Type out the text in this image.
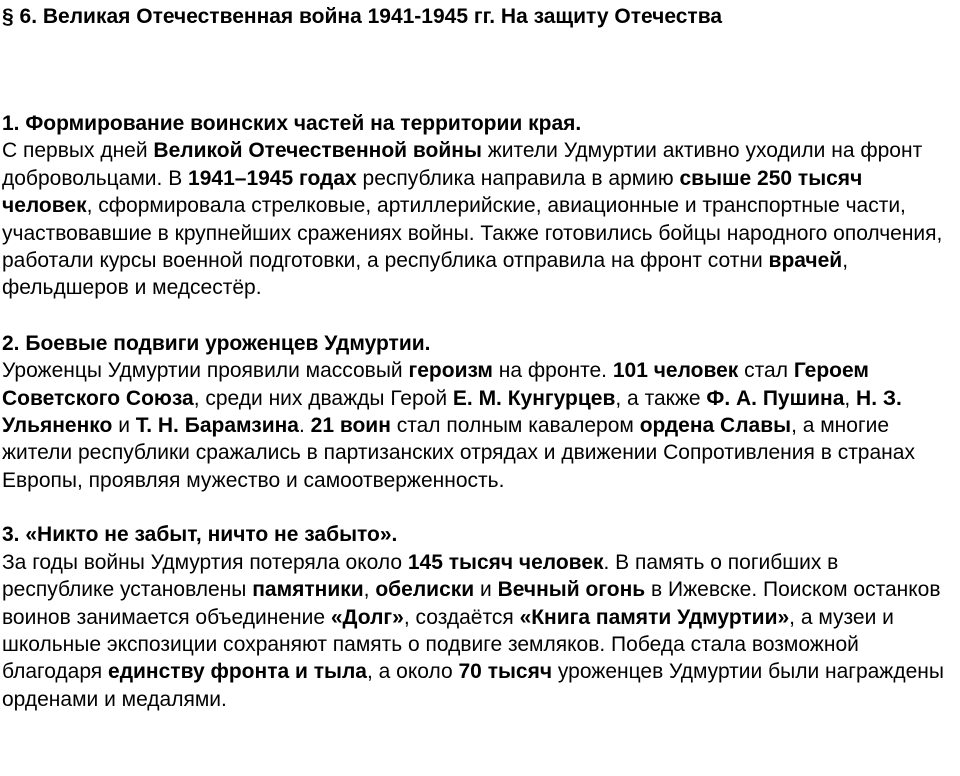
§ 6. Великая Отечественная война 1941-1945 гг. На защиту Отечества
1. Формирование воинских частей на территории края.

С первых дней Великой Отечественной войны жители Удмуртии активно уходили на фронт добровольцами. В 1941–1945 годах республика направила в армию свыше 250 тысяч человек, сформировала стрелковые, артиллерийские, авиационные и транспортные части, участвовавшие в крупнейших сражениях войны. Также готовились бойцы народного ополчения, работали курсы военной подготовки, а республика отправила на фронт сотни врачей, фельдшеров и медсестёр.

2. Боевые подвиги уроженцев Удмуртии.

Уроженцы Удмуртии проявили массовый героизм на фронте. 101 человек стал Героем Советского Союза, среди них дважды Герой Е. М. Кунгурцев, а также Ф. А. Пушина, Н. З. Ульяненко и Т. Н. Барамзина. 21 воин стал полным кавалером ордена Славы, а многие жители республики сражались в партизанских отрядах и движении Сопротивления в странах Европы, проявляя мужество и самоотверженность.

3. «Никто не забыт, ничто не забыто».

За годы войны Удмуртия потеряла около 145 тысяч человек. В память о погибших в республике установлены памятники, обелиски и Вечный огонь в Ижевске. Поиском останков воинов занимается объединение «Долг», создаётся «Книга памяти Удмуртии», а музеи и школьные экспозиции сохраняют память о подвиге земляков. Победа стала возможной благодаря единству фронта и тыла, а около 70 тысяч уроженцев Удмуртии были награждены орденами и медалями.
